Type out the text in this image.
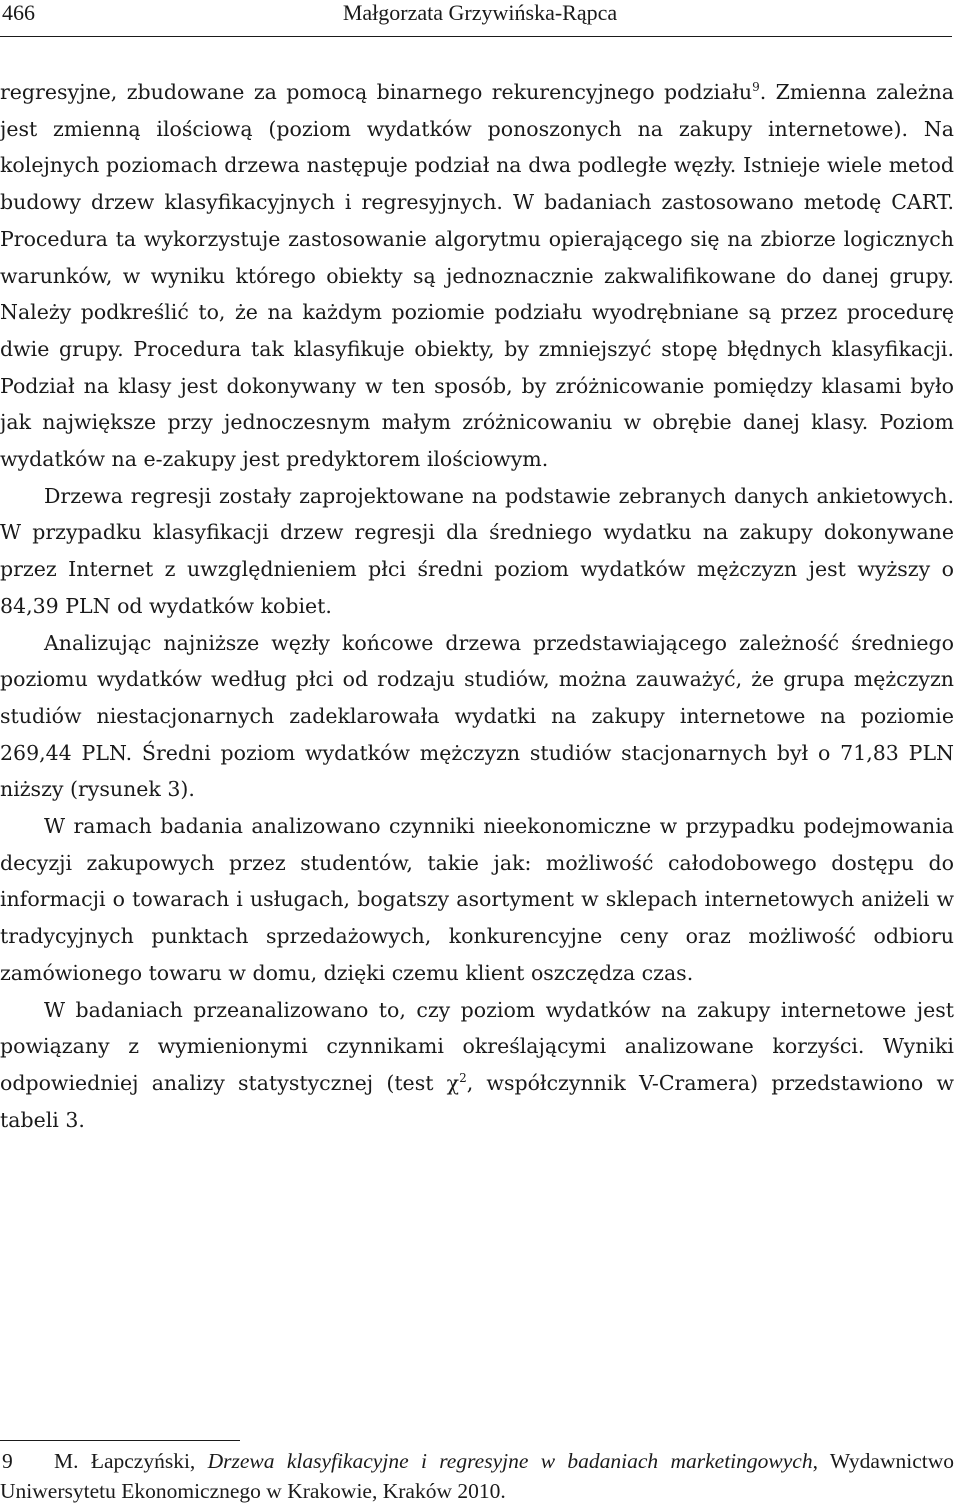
466	Małgorzata Grzywińska-Rąpca

regresyjne, zbudowane za pomocą binarnego rekurencyjnego podziału$^9$. Zmienna zależna jest zmienną ilościową (poziom wydatków ponoszonych na zakupy internetowe). Na kolejnych poziomach drzewa następuje podział na dwa podległe węzły. Istnieje wiele metod budowy drzew klasyfikacyjnych i regresyjnych. W badaniach zastosowano metodę CART. Procedura ta wykorzystuje zastosowanie algorytmu opierającego się na zbiorze logicznych warunków, w wyniku którego obiekty są jednoznacznie zakwalifikowane do danej grupy. Należy podkreślić to, że na każdym poziomie podziału wyodrębniane są przez procedurę dwie grupy. Procedura tak klasyfikuje obiekty, by zmniejszyć stopę błędnych klasyfikacji. Podział na klasy jest dokonywany w ten sposób, by zróżnicowanie pomiędzy klasami było jak największe przy jednoczesnym małym zróżnicowaniu w obrębie danej klasy. Poziom wydatków na e-zakupy jest predyktorem ilościowym.

Drzewa regresji zostały zaprojektowane na podstawie zebranych danych ankietowych. W przypadku klasyfikacji drzew regresji dla średniego wydatku na zakupy dokonywane przez Internet z uwzględnieniem płci średni poziom wydatków mężczyzn jest wyższy o 84,39 PLN od wydatków kobiet.

Analizując najniższe węzły końcowe drzewa przedstawiającego zależność średniego poziomu wydatków według płci od rodzaju studiów, można zauważyć, że grupa mężczyzn studiów niestacjonarnych zadeklarowała wydatki na zakupy internetowe na poziomie 269,44 PLN. Średni poziom wydatków mężczyzn studiów stacjonarnych był o 71,83 PLN niższy (rysunek 3).

W ramach badania analizowano czynniki nieekonomiczne w przypadku podejmowania decyzji zakupowych przez studentów, takie jak: możliwość całodobowego dostępu do informacji o towarach i usługach, bogatszy asortyment w sklepach internetowych aniżeli w tradycyjnych punktach sprzedażowych, konkurencyjne ceny oraz możliwość odbioru zamówionego towaru w domu, dzięki czemu klient oszczędza czas.

W badaniach przeanalizowano to, czy poziom wydatków na zakupy internetowe jest powiązany z wymienionymi czynnikami określającymi analizowane korzyści. Wyniki odpowiedniej analizy statystycznej (test $\chi^2$, współczynnik V-Cramera) przedstawiono w tabeli 3.

9 M. Łapczyński, Drzewa klasyfikacyjne i regresyjne w badaniach marketingowych, Wydawnictwo Uniwersytetu Ekonomicznego w Krakowie, Kraków 2010.
